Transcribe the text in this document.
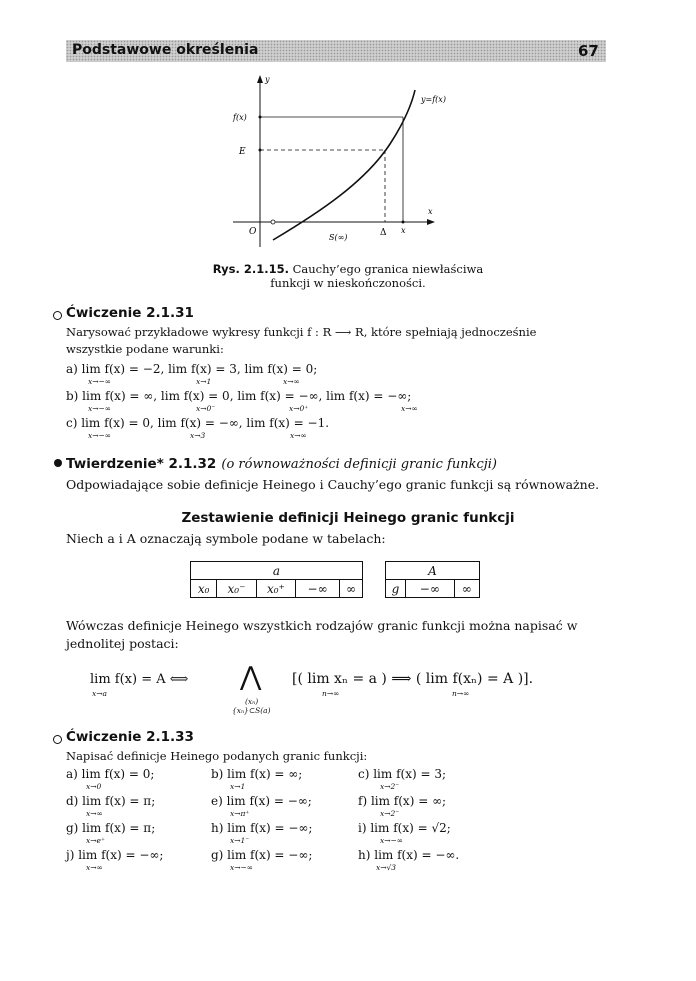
Podstawowe określenia	67
y
y=f(x)
f(x)
E
O
S(∞)	Δ x
x
Rys. 2.1.15. Cauchy’ego granica niewłaściwa
funkcji w nieskończoności.
Ćwiczenie 2.1.31
Narysować przykładowe wykresy funkcji f : R ⟶ R, które spełniają jednocześnie
wszystkie podane warunki:
a) lim f(x) = −2, lim f(x) = 3, lim f(x) = 0;
x→−∞	x→1	x→∞
b) lim f(x) = ∞, lim f(x) = 0, lim f(x) = −∞, lim f(x) = −∞;
x→−∞	x→0⁻	x→0⁺	x→∞
c) lim f(x) = 0, lim f(x) = −∞, lim f(x) = −1.
x→−∞	x→3	x→∞
Twierdzenie* 2.1.32 (o równoważności definicji granic funkcji)
Odpowiadające sobie definicje Heinego i Cauchy’ego granic funkcji są równoważne.
Zestawienie definicji Heinego granic funkcji
Niech a i A oznaczają symbole podane w tabelach:
a
x₀	x₀⁻	x₀⁺	−∞	∞
A
g	−∞	∞
Wówczas definicje Heinego wszystkich rodzajów granic funkcji można napisać w
jednolitej postaci:
lim f(x) = A ⟺
x→a
⋀
(xₙ)
{xₙ}⊂S(a)
[( lim xₙ = a ) ⟹ ( lim f(xₙ) = A )].
n→∞	n→∞
Ćwiczenie 2.1.33
Napisać definicje Heinego podanych granic funkcji:
a) lim f(x) = 0;
x→0
b) lim f(x) = ∞;
x→1
c) lim f(x) = 3;
x→2⁻
d) lim f(x) = π;
x→∞
e) lim f(x) = −∞;
x→π⁺
f) lim f(x) = ∞;
x→2⁻
g) lim f(x) = π;
x→e⁺
h) lim f(x) = −∞;
x→1⁻
i) lim f(x) = √2;
x→−∞
j) lim f(x) = −∞;
x→∞
g) lim f(x) = −∞;
x→−∞
h) lim f(x) = −∞.
x→√3
